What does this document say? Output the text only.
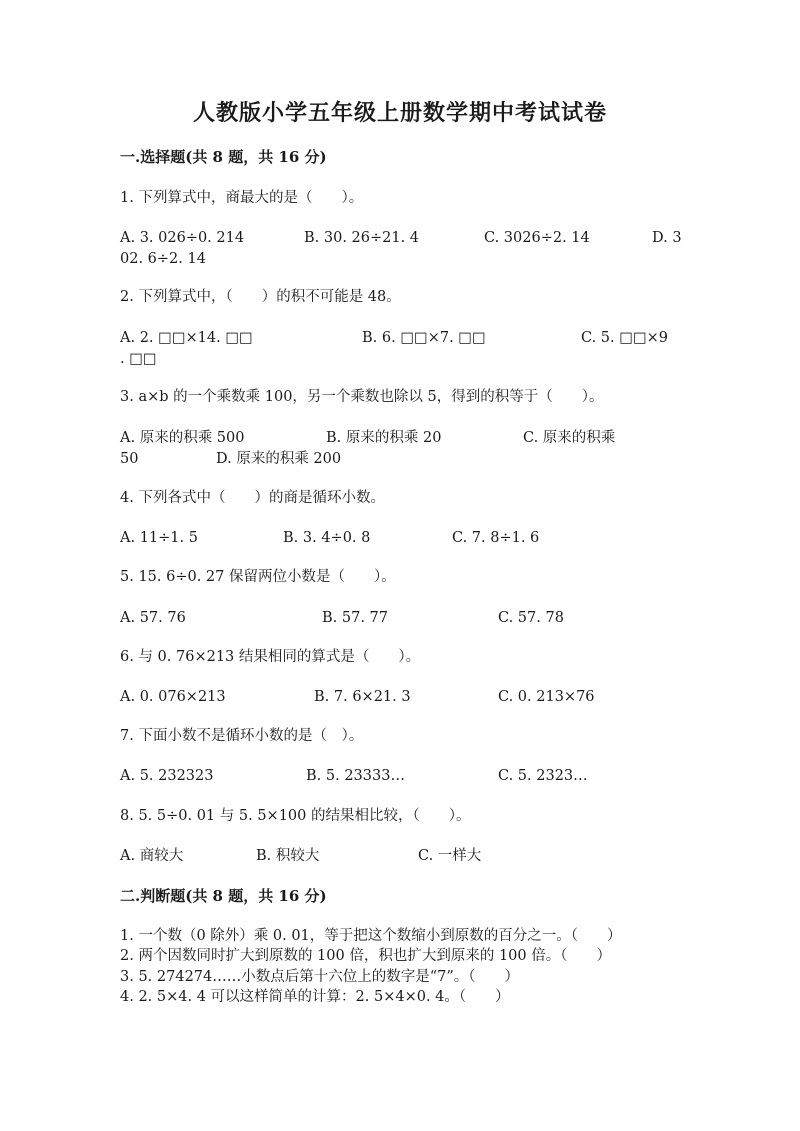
人教版小学五年级上册数学期中考试试卷
一.选择题(共 8 题，共 16 分)
1. 下列算式中，商最大的是（　　）。
A. 3. 026÷0. 214	B. 30. 26÷21. 4	C. 3026÷2. 14	D. 3
02. 6÷2. 14
2. 下列算式中，（　　）的积不可能是 48。
A. 2. □□×14. □□	B. 6. □□×7. □□	C. 5. □□×9
. □□
3. a×b 的一个乘数乘 100，另一个乘数也除以 5，得到的积等于（　　）。
A. 原来的积乘 500	B. 原来的积乘 20	C. 原来的积乘
50	D. 原来的积乘 200
4. 下列各式中（　　）的商是循环小数。
A. 11÷1. 5	B. 3. 4÷0. 8	C. 7. 8÷1. 6
5. 15. 6÷0. 27 保留两位小数是（　　）。
A. 57. 76	B. 57. 77	C. 57. 78
6. 与 0. 76×213 结果相同的算式是（　　）。
A. 0. 076×213	B. 7. 6×21. 3	C. 0. 213×76
7. 下面小数不是循环小数的是（　）。
A. 5. 232323	B. 5. 23333…	C. 5. 2323…
8. 5. 5÷0. 01 与 5. 5×100 的结果相比较，（　　）。
A. 商较大	B. 积较大	C. 一样大
二.判断题(共 8 题，共 16 分)
1. 一个数（0 除外）乘 0. 01，等于把这个数缩小到原数的百分之一。（　　）
2. 两个因数同时扩大到原数的 100 倍，积也扩大到原来的 100 倍。（　　）
3. 5. 274274……小数点后第十六位上的数字是“7”。（　　）
4. 2. 5×4. 4 可以这样简单的计算：2. 5×4×0. 4。（　　）
